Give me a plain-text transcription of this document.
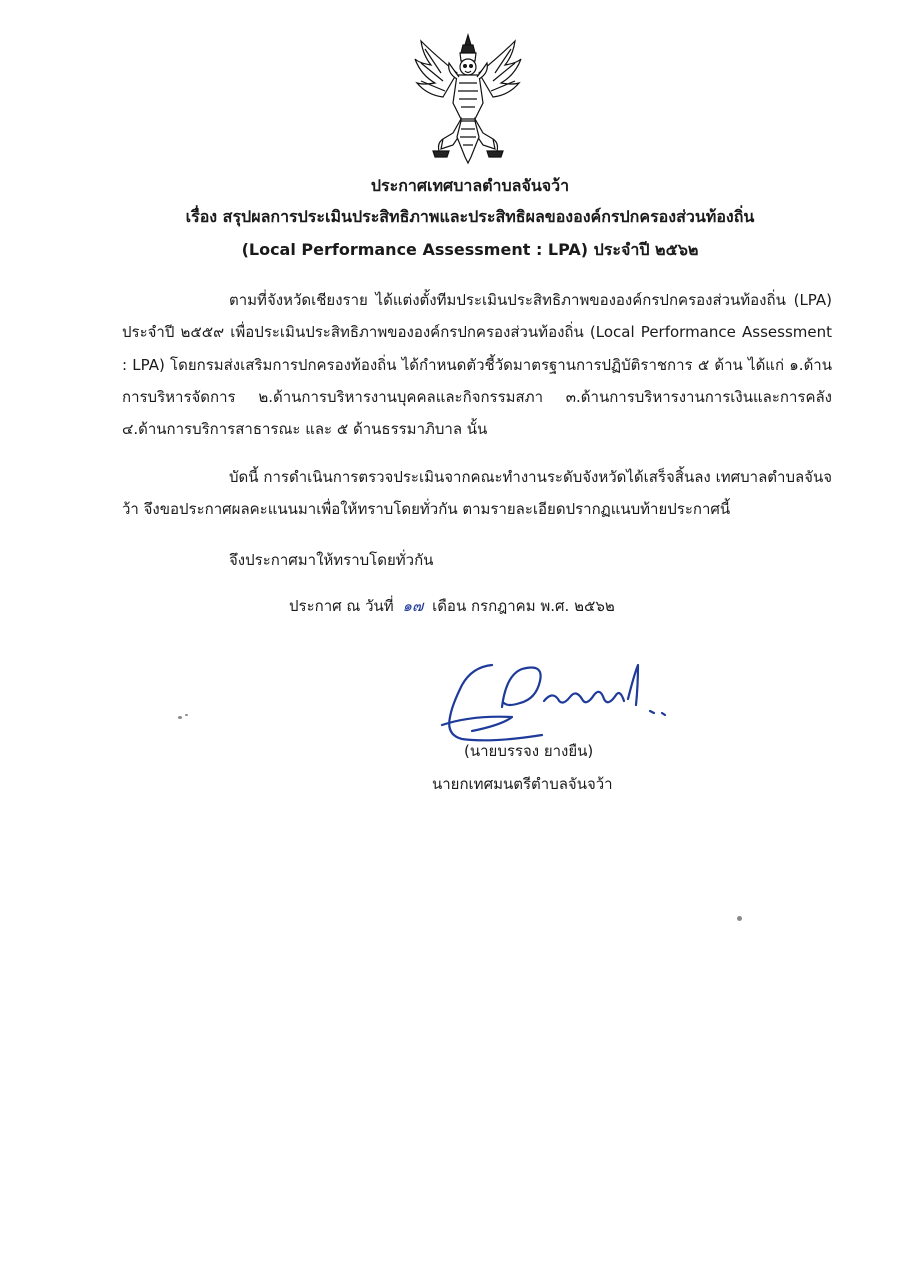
ประกาศเทศบาลตำบลจันจว้า
เรื่อง สรุปผลการประเมินประสิทธิภาพและประสิทธิผลขององค์กรปกครองส่วนท้องถิ่น
(Local Performance Assessment : LPA) ประจำปี ๒๕๖๒
ตามที่จังหวัดเชียงราย ได้แต่งตั้งทีมประเมินประสิทธิภาพขององค์กรปกครองส่วนท้องถิ่น (LPA) ประจำปี ๒๕๕๙ เพื่อประเมินประสิทธิภาพขององค์กรปกครองส่วนท้องถิ่น (Local Performance Assessment : LPA) โดยกรมส่งเสริมการปกครองท้องถิ่น ได้กำหนดตัวชี้วัดมาตรฐานการปฏิบัติราชการ ๕ ด้าน ได้แก่ ๑.ด้านการบริหารจัดการ ๒.ด้านการบริหารงานบุคคลและกิจกรรมสภา ๓.ด้านการบริหารงานการเงินและการคลัง ๔.ด้านการบริการสาธารณะ และ ๕ ด้านธรรมาภิบาล นั้น
บัดนี้ การดำเนินการตรวจประเมินจากคณะทำงานระดับจังหวัดได้เสร็จสิ้นลง เทศบาลตำบลจันจว้า จึงขอประกาศผลคะแนนมาเพื่อให้ทราบโดยทั่วกัน ตามรายละเอียดปรากฏแนบท้ายประกาศนี้
จึงประกาศมาให้ทราบโดยทั่วกัน
ประกาศ ณ วันที่ ๑๗ เดือน กรกฎาคม พ.ศ. ๒๕๖๒
(นายบรรจง ยางยืน)
นายกเทศมนตรีตำบลจันจว้า
